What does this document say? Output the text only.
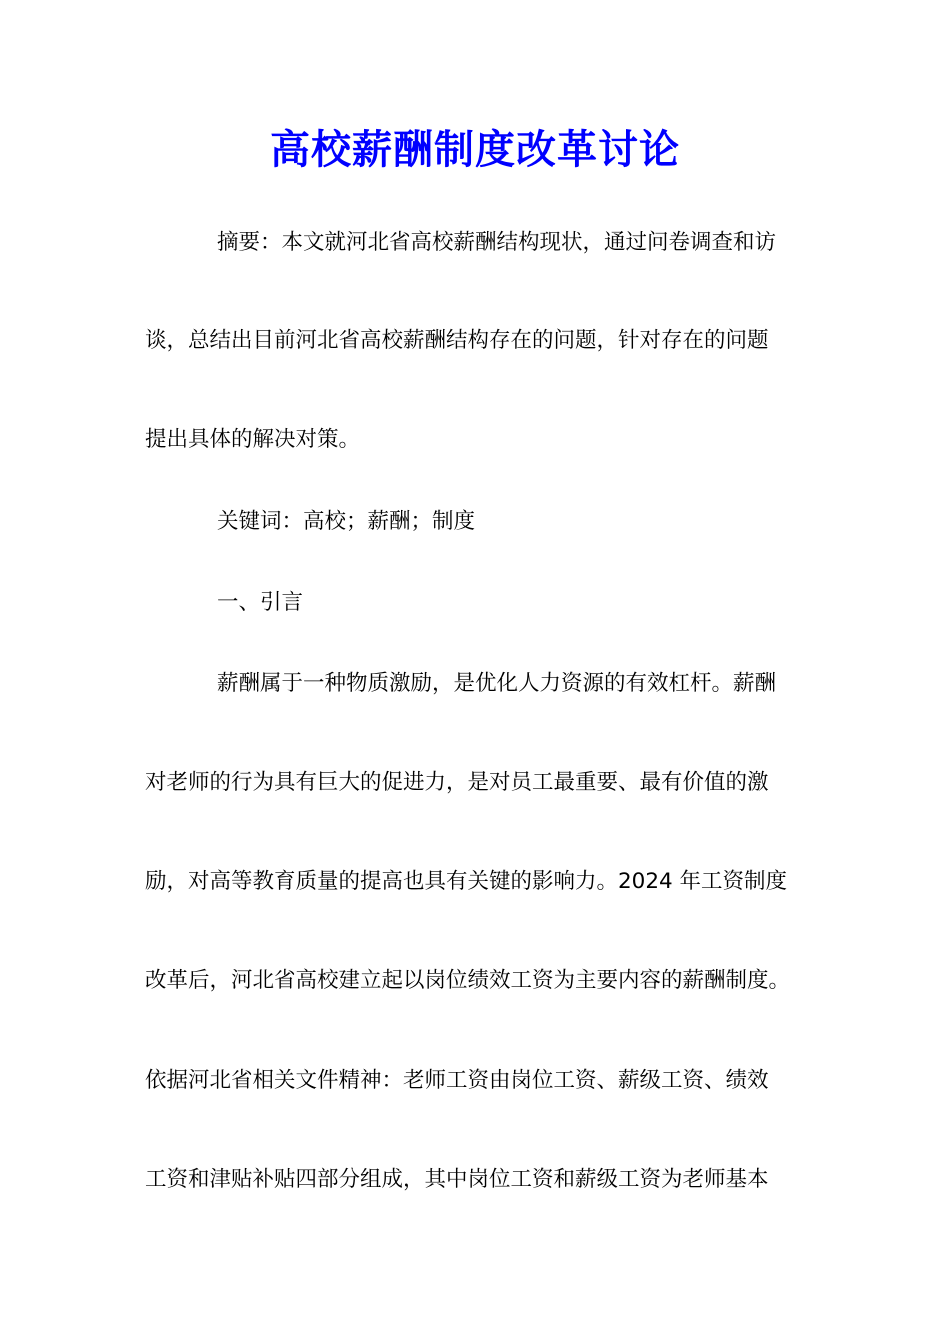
高校薪酬制度改革讨论
摘要：本文就河北省高校薪酬结构现状，通过问卷调查和访
谈，总结出目前河北省高校薪酬结构存在的问题，针对存在的问题
提出具体的解决对策。
关键词：高校；薪酬；制度
一、引言
薪酬属于一种物质激励，是优化人力资源的有效杠杆。薪酬
对老师的行为具有巨大的促进力，是对员工最重要、最有价值的激
励，对高等教育质量的提高也具有关键的影响力。2024 年工资制度
改革后，河北省高校建立起以岗位绩效工资为主要内容的薪酬制度。
依据河北省相关文件精神：老师工资由岗位工资、薪级工资、绩效
工资和津贴补贴四部分组成，其中岗位工资和薪级工资为老师基本
